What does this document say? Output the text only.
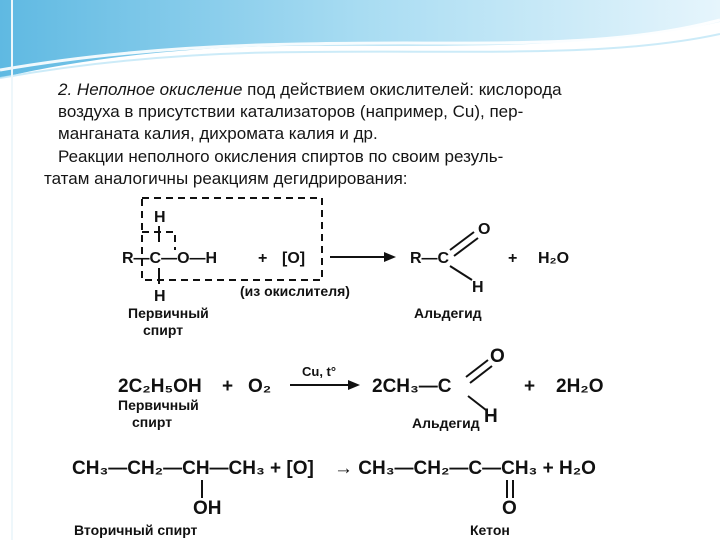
2. Неполное окисление под действием окислителей: кислорода
воздуха в присутствии катализаторов (например, Cu), пер-
манганата калия, дихромата калия и др.
Реакции неполного окисления спиртов по своим резуль-
татам аналогичны реакциям дегидрирования:
H
R—C—O—H
H
+ [O]
(из окислителя)
Первичный
спирт
R—C
O
H
+ H₂O
Альдегид
2C₂H₅OH + O₂
Cu, t°
2CH₃—C
O
H
+ 2H₂O
Первичный
спирт	Альдегид
CH₃—CH₂—CH—CH₃ + [O]
OH
→ CH₃—CH₂—C—CH₃ + H₂O
O
Вторичный спирт	Кетон
